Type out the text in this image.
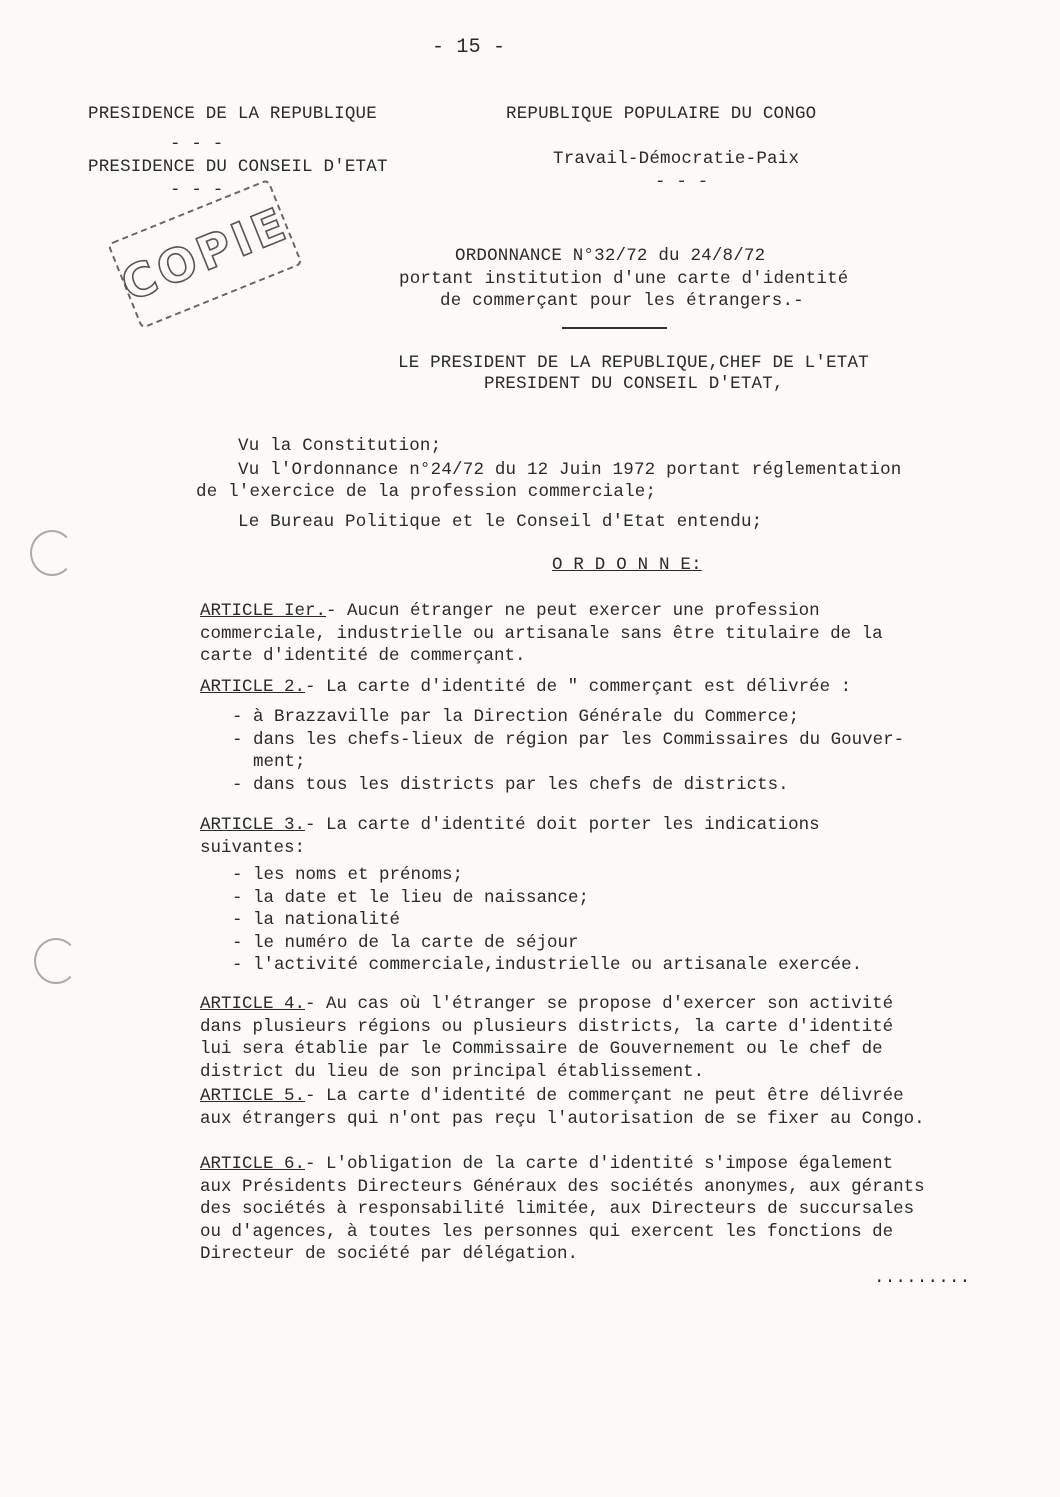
- 15 -
PRESIDENCE DE LA REPUBLIQUE
- - -
PRESIDENCE DU CONSEIL D'ETAT
- - -
REPUBLIQUE POPULAIRE DU CONGO
Travail-Démocratie-Paix
- - -
COPIE	ORDONNANCE N°32/72 du 24/8/72
portant institution d'une carte d'identité
de commerçant pour les étrangers.-
LE PRESIDENT DE LA REPUBLIQUE,CHEF DE L'ETAT
PRESIDENT DU CONSEIL D'ETAT,
Vu la Constitution;
Vu l'Ordonnance n°24/72 du 12 Juin 1972 portant réglementation
de l'exercice de la profession commerciale;
Le Bureau Politique et le Conseil d'Etat entendu;
O R D O N N E:
ARTICLE Ier.- Aucun étranger ne peut exercer une profession
commerciale, industrielle ou artisanale sans être titulaire de la
carte d'identité de commerçant.
ARTICLE 2.- La carte d'identité de " commerçant est délivrée :
- à Brazzaville par la Direction Générale du Commerce;
- dans les chefs-lieux de région par les Commissaires du Gouver-
ment;
- dans tous les districts par les chefs de districts.
ARTICLE 3.- La carte d'identité doit porter les indications
suivantes:
- les noms et prénoms;
- la date et le lieu de naissance;
- la nationalité
- le numéro de la carte de séjour
- l'activité commerciale,industrielle ou artisanale exercée.
ARTICLE 4.- Au cas où l'étranger se propose d'exercer son activité
dans plusieurs régions ou plusieurs districts, la carte d'identité
lui sera établie par le Commissaire de Gouvernement ou le chef de
district du lieu de son principal établissement.
ARTICLE 5.- La carte d'identité de commerçant ne peut être délivrée
aux étrangers qui n'ont pas reçu l'autorisation de se fixer au Congo.
ARTICLE 6.- L'obligation de la carte d'identité s'impose également
aux Présidents Directeurs Généraux des sociétés anonymes, aux gérants
des sociétés à responsabilité limitée, aux Directeurs de succursales
ou d'agences, à toutes les personnes qui exercent les fonctions de
Directeur de société par délégation.
.........
